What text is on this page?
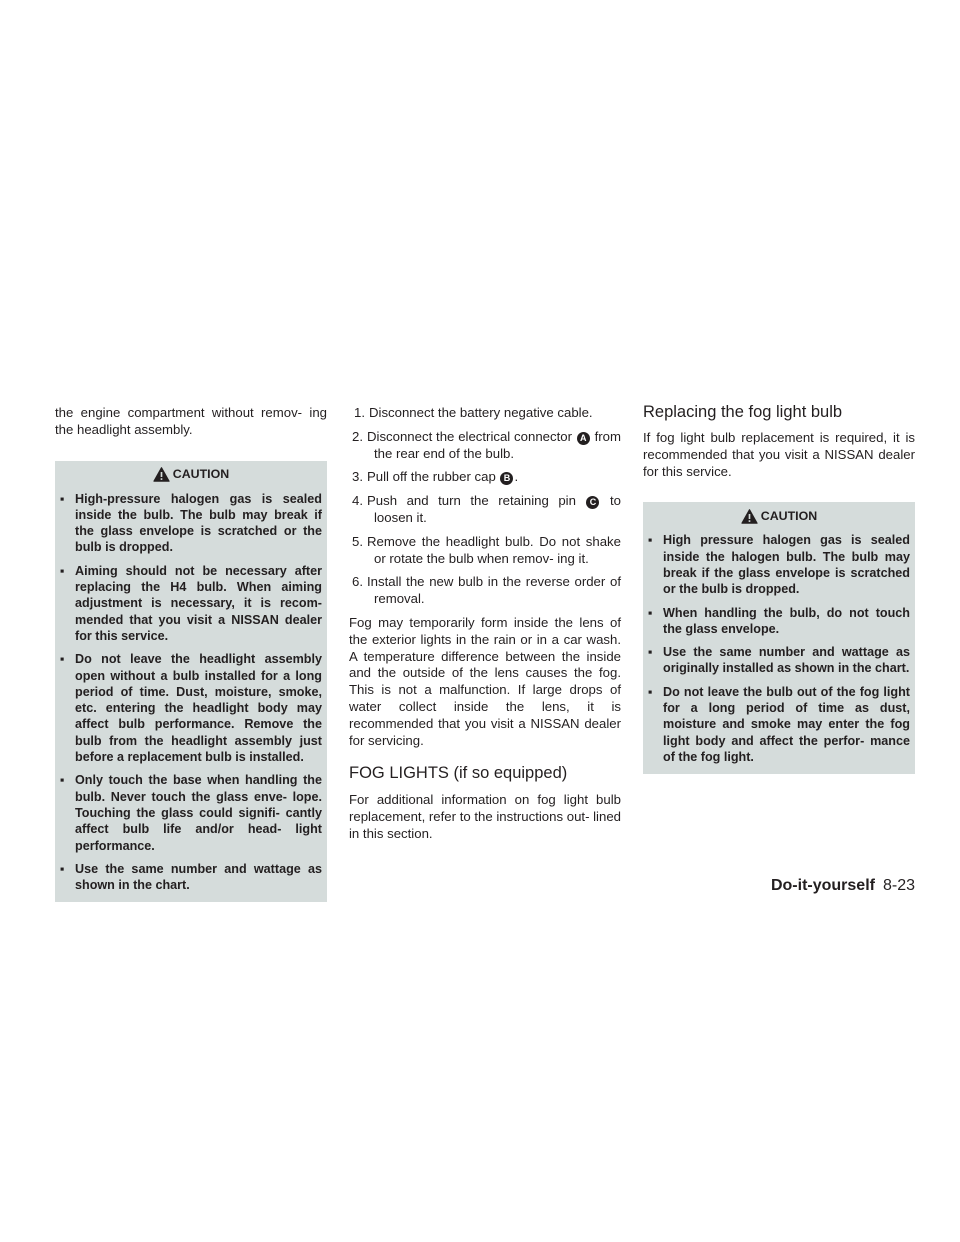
the engine compartment without remov- ing the headlight assembly.

CAUTION
▪ High-pressure halogen gas is sealed inside the bulb. The bulb may break if the glass envelope is scratched or the bulb is dropped.
▪ Aiming should not be necessary after replacing the H4 bulb. When aiming adjustment is necessary, it is recom- mended that you visit a NISSAN dealer for this service.
▪ Do not leave the headlight assembly open without a bulb installed for a long period of time. Dust, moisture, smoke, etc. entering the headlight body may affect bulb performance. Remove the bulb from the headlight assembly just before a replacement bulb is installed.
▪ Only touch the base when handling the bulb. Never touch the glass enve- lope. Touching the glass could signifi- cantly affect bulb life and/or head- light performance.
▪ Use the same number and wattage as shown in the chart.
1. Disconnect the battery negative cable.
2. Disconnect the electrical connector A from the rear end of the bulb.
3. Pull off the rubber cap B .
4. Push and turn the retaining pin C to loosen it.
5. Remove the headlight bulb. Do not shake or rotate the bulb when remov- ing it.
6. Install the new bulb in the reverse order of removal.

Fog may temporarily form inside the lens of the exterior lights in the rain or in a car wash. A temperature difference between the inside and the outside of the lens causes the fog. This is not a malfunction. If large drops of water collect inside the lens, it is recommended that you visit a NISSAN dealer for servicing.

FOG LIGHTS (if so equipped)

For additional information on fog light bulb replacement, refer to the instructions out- lined in this section.

Replacing the fog light bulb

If fog light bulb replacement is required, it is recommended that you visit a NISSAN dealer for this service.

CAUTION
▪ High pressure halogen gas is sealed inside the halogen bulb. The bulb may break if the glass envelope is scratched or the bulb is dropped.
▪ When handling the bulb, do not touch the glass envelope.
▪ Use the same number and wattage as originally installed as shown in the chart.
▪ Do not leave the bulb out of the fog light for a long period of time as dust, moisture and smoke may enter the fog light body and affect the perfor- mance of the fog light.
Do-it-yourself 8-23
